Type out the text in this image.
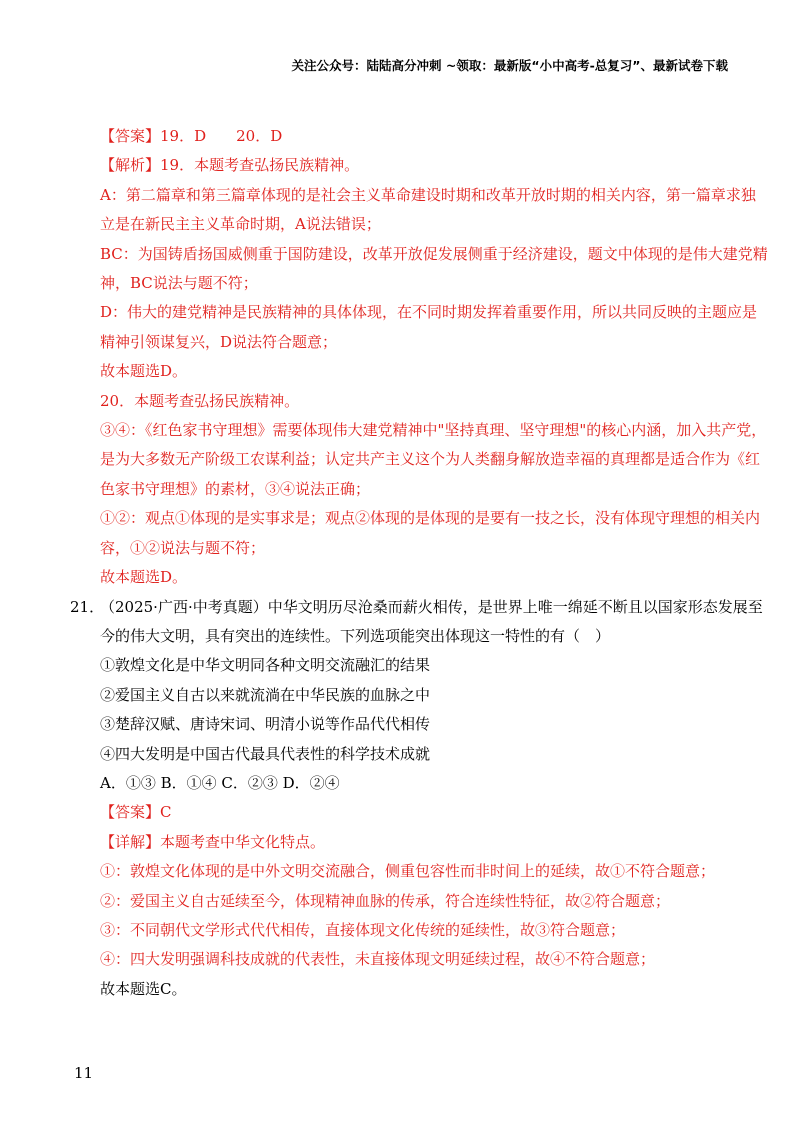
关注公众号：陆陆高分冲刺 ~领取：最新版“小中高考-总复习”、最新试卷下载
【答案】19．D　　20．D
【解析】19．本题考查弘扬民族精神。
A：第二篇章和第三篇章体现的是社会主义革命建设时期和改革开放时期的相关内容，第一篇章求独
立是在新民主主义革命时期，A说法错误；
BC：为国铸盾扬国威侧重于国防建设，改革开放促发展侧重于经济建设，题文中体现的是伟大建党精
神，BC说法与题不符；
D：伟大的建党精神是民族精神的具体体现，在不同时期发挥着重要作用，所以共同反映的主题应是
精神引领谋复兴，D说法符合题意；
故本题选D。
20．本题考查弘扬民族精神。
③④：《红色家书守理想》需要体现伟大建党精神中"坚持真理、坚守理想"的核心内涵，加入共产党，
是为大多数无产阶级工农谋利益；认定共产主义这个为人类翻身解放造幸福的真理都是适合作为《红
色家书守理想》的素材，③④说法正确；
①②：观点①体现的是实事求是；观点②体现的是体现的是要有一技之长，没有体现守理想的相关内
容，①②说法与题不符；
故本题选D。
21．
（2025·广西·中考真题）中华文明历尽沧桑而薪火相传，是世界上唯一绵延不断且以国家形态发展至
今的伟大文明，具有突出的连续性。下列选项能突出体现这一特性的有（　）
①敦煌文化是中华文明同各种文明交流融汇的结果
②爱国主义自古以来就流淌在中华民族的血脉之中
③楚辞汉赋、唐诗宋词、明清小说等作品代代相传
④四大发明是中国古代最具代表性的科学技术成就
A．①③ B．①④ C．②③ D．②④
【答案】C
【详解】本题考查中华文化特点。
①：敦煌文化体现的是中外文明交流融合，侧重包容性而非时间上的延续，故①不符合题意；
②：爱国主义自古延续至今，体现精神血脉的传承，符合连续性特征，故②符合题意；
③：不同朝代文学形式代代相传，直接体现文化传统的延续性，故③符合题意；
④：四大发明强调科技成就的代表性，未直接体现文明延续过程，故④不符合题意；
故本题选C。
11
